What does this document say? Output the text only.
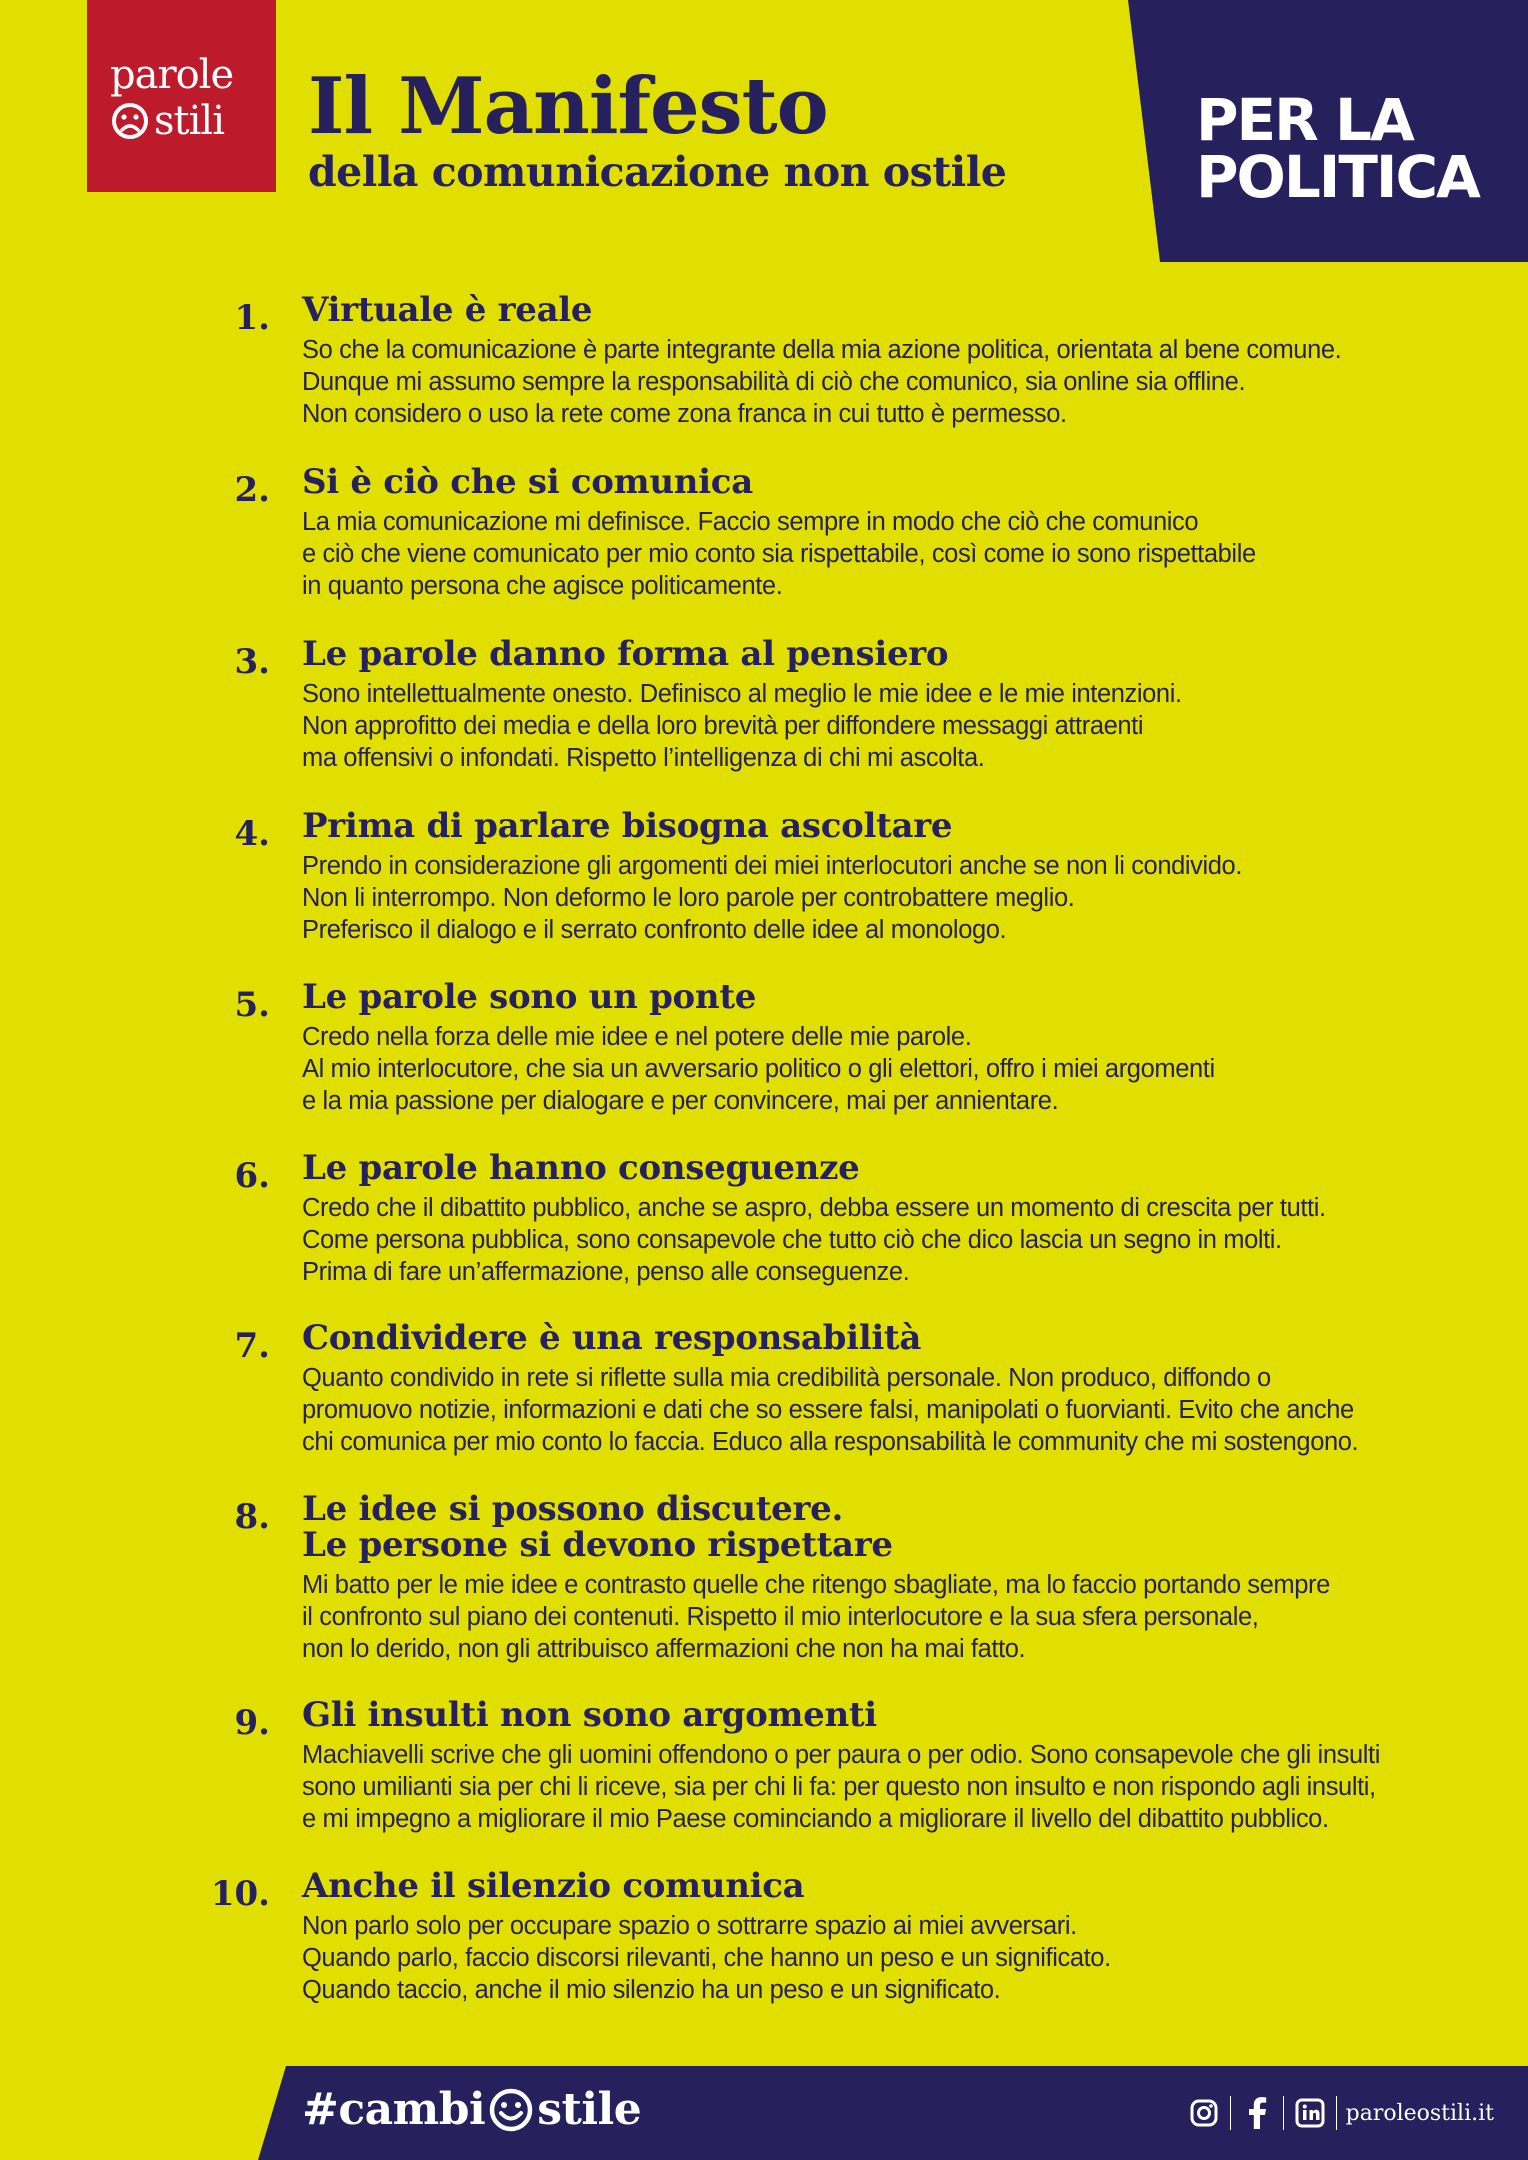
parole
stili Il Manifesto
della comunicazione non ostile
PER LA
POLITICA
1. Virtuale è reale
So che la comunicazione è parte integrante della mia azione politica, orientata al bene comune.
Dunque mi assumo sempre la responsabilità di ciò che comunico, sia online sia offline.
Non considero o uso la rete come zona franca in cui tutto è permesso.
2. Si è ciò che si comunica
La mia comunicazione mi definisce. Faccio sempre in modo che ciò che comunico
e ciò che viene comunicato per mio conto sia rispettabile, così come io sono rispettabile
in quanto persona che agisce politicamente.
3. Le parole danno forma al pensiero
Sono intellettualmente onesto. Definisco al meglio le mie idee e le mie intenzioni.
Non approfitto dei media e della loro brevità per diffondere messaggi attraenti
ma offensivi o infondati. Rispetto l’intelligenza di chi mi ascolta.
4. Prima di parlare bisogna ascoltare
Prendo in considerazione gli argomenti dei miei interlocutori anche se non li condivido.
Non li interrompo. Non deformo le loro parole per controbattere meglio.
Preferisco il dialogo e il serrato confronto delle idee al monologo.
5. Le parole sono un ponte
Credo nella forza delle mie idee e nel potere delle mie parole.
Al mio interlocutore, che sia un avversario politico o gli elettori, offro i miei argomenti
e la mia passione per dialogare e per convincere, mai per annientare.
6. Le parole hanno conseguenze
Credo che il dibattito pubblico, anche se aspro, debba essere un momento di crescita per tutti.
Come persona pubblica, sono consapevole che tutto ciò che dico lascia un segno in molti.
Prima di fare un’affermazione, penso alle conseguenze.
7. Condividere è una responsabilità
Quanto condivido in rete si riflette sulla mia credibilità personale. Non produco, diffondo o
promuovo notizie, informazioni e dati che so essere falsi, manipolati o fuorvianti. Evito che anche
chi comunica per mio conto lo faccia. Educo alla responsabilità le community che mi sostengono.
8. Le idee si possono discutere.
Le persone si devono rispettare
Mi batto per le mie idee e contrasto quelle che ritengo sbagliate, ma lo faccio portando sempre
il confronto sul piano dei contenuti. Rispetto il mio interlocutore e la sua sfera personale,
non lo derido, non gli attribuisco affermazioni che non ha mai fatto.
9. Gli insulti non sono argomenti
Machiavelli scrive che gli uomini offendono o per paura o per odio. Sono consapevole che gli insulti
sono umilianti sia per chi li riceve, sia per chi li fa: per questo non insulto e non rispondo agli insulti,
e mi impegno a migliorare il mio Paese cominciando a migliorare il livello del dibattito pubblico.
10. Anche il silenzio comunica
Non parlo solo per occupare spazio o sottrarre spazio ai miei avversari.
Quando parlo, faccio discorsi rilevanti, che hanno un peso e un significato.
Quando taccio, anche il mio silenzio ha un peso e un significato.
#cambi stile	paroleostili.it
